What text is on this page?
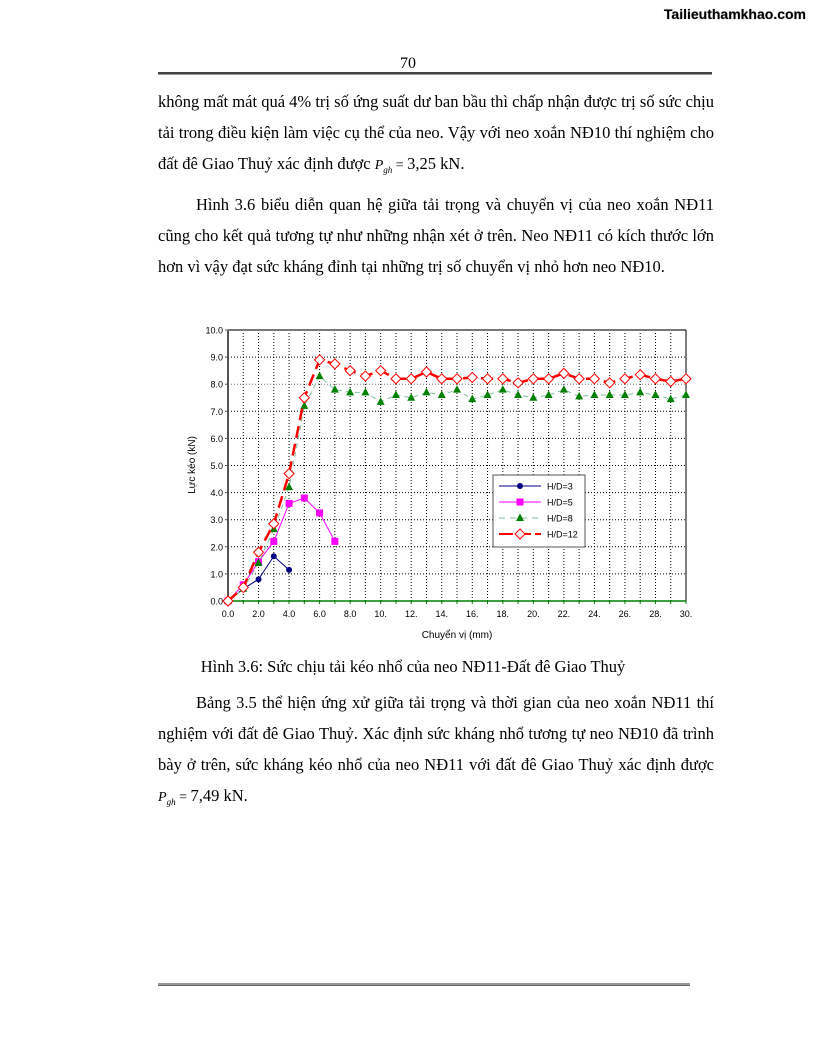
Tailieuthamkhao.com
70
không mất mát quá 4% trị số ứng suất dư ban bầu thì chấp nhận được trị số sức chịu tải trong điều kiện làm việc cụ thể của neo. Vậy với neo xoắn NĐ10 thí nghiệm cho đất đê Giao Thuỷ xác định được $P_{gh} = 3,25$ kN.
Hình 3.6 biểu diễn quan hệ giữa tải trọng và chuyển vị của neo xoắn NĐ11 cũng cho kết quả tương tự như những nhận xét ở trên. Neo NĐ11 có kích thước lớn hơn vì vậy đạt sức kháng đỉnh tại những trị số chuyển vị nhỏ hơn neo NĐ10.
0.0
1.0
2.0
3.0
4.0
5.0
6.0
7.0
8.0
9.0
10.0
0.0 2.0 4.0 6.0 8.0 10. 12. 14. 16. 18. 20. 22. 24. 26. 28. 30.
Lực kéo (kN)
Chuyển vị (mm)
H/D=3
H/D=5
H/D=8
H/D=12
Hình 3.6: Sức chịu tải kéo nhổ của neo NĐ11-Đất đê Giao Thuỷ
Bảng 3.5 thể hiện ứng xử giữa tải trọng và thời gian của neo xoắn NĐ11 thí nghiệm với đất đê Giao Thuỷ. Xác định sức kháng nhổ tương tự neo NĐ10 đã trình bày ở trên, sức kháng kéo nhổ của neo NĐ11 với đất đê Giao Thuỷ xác định được $P_{gh} = 7,49$ kN.
